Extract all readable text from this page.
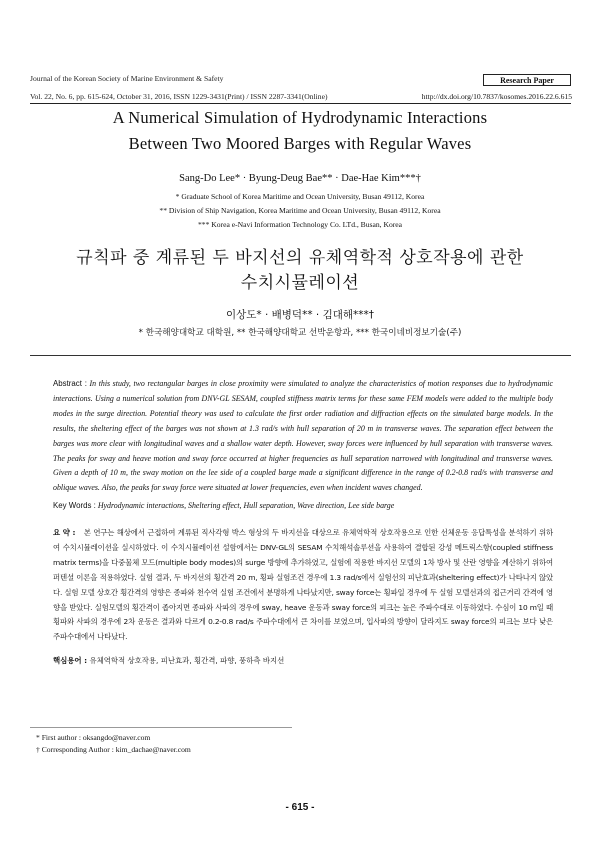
Journal of the Korean Society of Marine Environment & Safety
Vol. 22, No. 6, pp. 615-624, October 31, 2016, ISSN 1229-3431(Print) / ISSN 2287-3341(Online)
Research Paper
http://dx.doi.org/10.7837/kosomes.2016.22.6.615
A Numerical Simulation of Hydrodynamic Interactions
Between Two Moored Barges with Regular Waves
Sang-Do Lee* · Byung-Deug Bae** · Dae-Hae Kim***†
* Graduate School of Korea Maritime and Ocean University, Busan 49112, Korea
** Division of Ship Navigation, Korea Maritime and Ocean University, Busan 49112, Korea
*** Korea e-Navi Information Technology Co. LTd., Busan, Korea
규칙파 중 계류된 두 바지선의 유체역학적 상호작용에 관한
수치시뮬레이션
이상도* · 배병덕** · 김대해***†
* 한국해양대학교 대학원, ** 한국해양대학교 선박운항과, *** 한국이네비정보기술(주)
Abstract : In this study, two rectangular barges in close proximity were simulated to analyze the characteristics of motion responses due to hydrodynamic interactions. Using a numerical solution from DNV-GL SESAM, coupled stiffness matrix terms for these same FEM models were added to the multiple body modes in the surge direction. Potential theory was used to calculate the first order radiation and diffraction effects on the simulated barge models. In the results, the sheltering effect of the barges was not shown at 1.3 rad/s with hull separation of 20 m in transverse waves. The separation effect between the barges was more clear with longitudinal waves and a shallow water depth. However, sway forces were influenced by hull separation with transverse waves. The peaks for sway and heave motion and sway force occurred at higher frequencies as hull separation narrowed with longitudinal and transverse waves. Given a depth of 10 m, the sway motion on the lee side of a coupled barge made a significant difference in the range of 0.2-0.8 rad/s with transverse and oblique waves. Also, the peaks for sway force were situated at lower frequencies, even when incident waves changed.
Key Words : Hydrodynamic interactions, Sheltering effect, Hull separation, Wave direction, Lee side barge
요 약 : 본 연구는 해상에서 근접하여 계류된 직사각형 박스 형상의 두 바지선을 대상으로 유체역학적 상호작용으로 인한 선체운동 응답특성을 분석하기 위하여 수치시뮬레이션을 실시하였다. 이 수치시뮬레이션 설함에서는 DNV-GL의 SESAM 수치해석솔루션을 사용하여 결합된 강성 메트릭스항(coupled stiffness matrix terms)을 다중물체 모드(multiple body modes)의 surge 방향에 추가하였고, 실험에 적용한 바지선 모델의 1차 방사 및 산란 영향을 계산하기 위하여 퍼텐셜 이론을 적용하였다. 실험 결과, 두 바지선의 횡간격 20 m, 횡파 실험조건 경우에 1.3 rad/s에서 실험선의 피난효과(sheltering effect)가 나타나지 않았다. 실험 모델 상호간 횡간격의 영향은 종파와 천수역 실험 조건에서 분명하게 나타났지만, sway force는 횡파일 경우에 두 실험 모델선과의 접근거리 간격에 영향을 받았다. 실험모델의 횡간격이 좁아지면 종파와 사파의 경우에 sway, heave 운동과 sway force의 피크는 높은 주파수대로 이동하였다. 수심이 10 m일 때 횡파와 사파의 경우에 2차 운동은 결과와 다르게 0.2-0.8 rad/s 주파수대에서 큰 차이를 보였으며, 입사파의 방향이 달라지도 sway force의 피크는 보다 낮은 주파수대에서 나타났다.
핵심용어 : 유체역학적 상호작용, 피난효과, 횡간격, 파향, 풍하측 바지선
* First author : oksangdo@naver.com
† Corresponding Author : kim_dachae@naver.com
- 615 -
